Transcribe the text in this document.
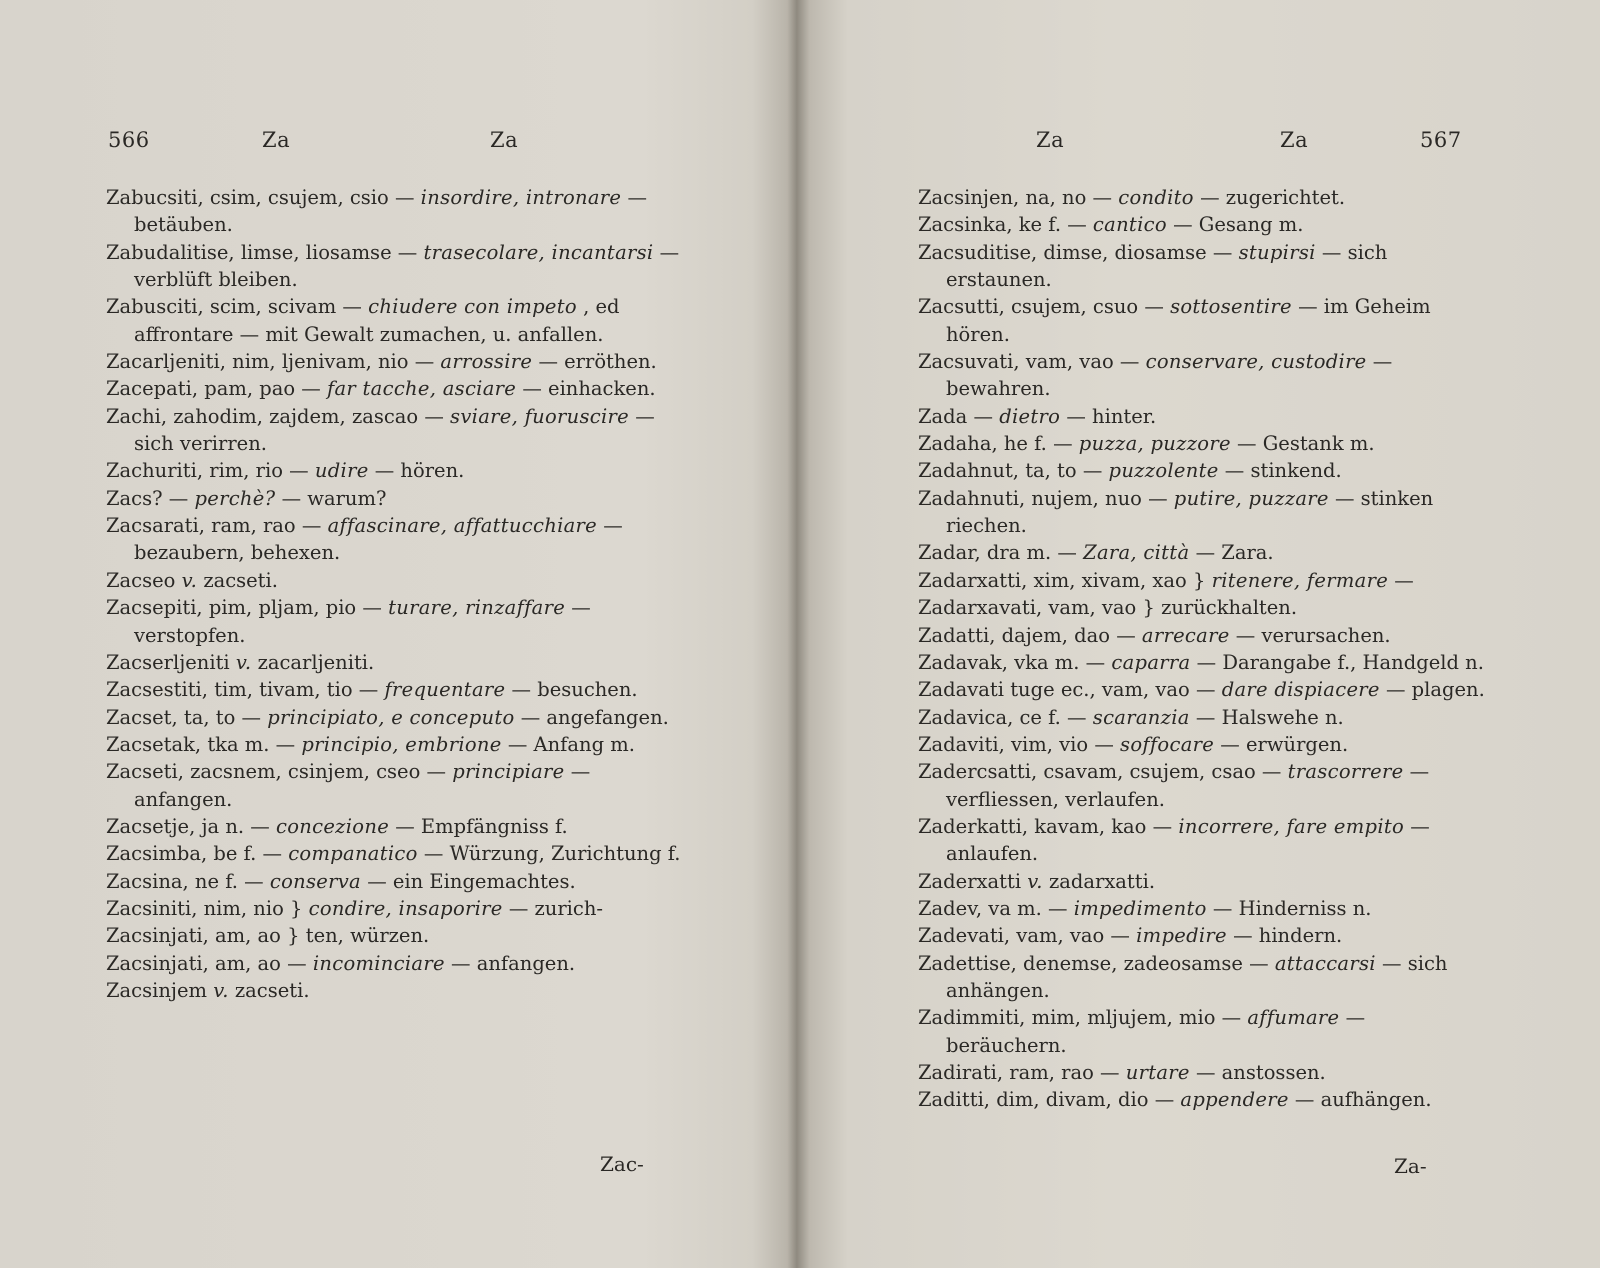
566	Za	Za

Zabucsiti, csim, csujem, csio — insordire, intronare — betäuben.

Zabudalitise, limse, liosamse — trasecolare, incantarsi — verblüft bleiben.

Zabusciti, scim, scivam — chiudere con impeto , ed affrontare — mit Gewalt zumachen, u. anfallen.

Zacarljeniti, nim, ljenivam, nio — arrossire — erröthen.

Zacepati, pam, pao — far tacche, asciare — einhacken.

Zachi, zahodim, zajdem, zascao — sviare, fuoruscire — sich verirren.

Zachuriti, rim, rio — udire — hören.

Zacs? — perchè? — warum?

Zacsarati, ram, rao — affascinare, affattucchiare — bezaubern, behexen.

Zacseo v. zacseti.

Zacsepiti, pim, pljam, pio — turare, rinzaffare — verstopfen.

Zacserljeniti v. zacarljeniti.

Zacsestiti, tim, tivam, tio — frequentare — besuchen.

Zacset, ta, to — principiato, e conceputo — angefangen.

Zacsetak, tka m. — principio, embrione — Anfang m.

Zacseti, zacsnem, csinjem, cseo — principiare — anfangen.

Zacsetje, ja n. — concezione — Empfängniss f.

Zacsimba, be f. — companatico — Würzung, Zurichtung f.

Zacsina, ne f. — conserva — ein Eingemachtes.

Zacsiniti, nim, nio } condire, insaporire — zurich-

Zacsinjati, am, ao } ten, würzen.

Zacsinjati, am, ao — incominciare — anfangen.

Zacsinjem v. zacseti.

Zac-
Za	Za	567

Zacsinjen, na, no — condito — zugerichtet.

Zacsinka, ke f. — cantico — Gesang m.

Zacsuditise, dimse, diosamse — stupirsi — sich erstaunen.

Zacsutti, csujem, csuo — sottosentire — im Geheim hören.

Zacsuvati, vam, vao — conservare, custodire — bewahren.

Zada — dietro — hinter.

Zadaha, he f. — puzza, puzzore — Gestank m.

Zadahnut, ta, to — puzzolente — stinkend.

Zadahnuti, nujem, nuo — putire, puzzare — stinken riechen.

Zadar, dra m. — Zara, città — Zara.

Zadarxatti, xim, xivam, xao } ritenere, fermare —

Zadarxavati, vam, vao } zurückhalten.

Zadatti, dajem, dao — arrecare — verursachen.

Zadavak, vka m. — caparra — Darangabe f., Handgeld n.

Zadavati tuge ec., vam, vao — dare dispiacere — plagen.

Zadavica, ce f. — scaranzia — Halswehe n.

Zadaviti, vim, vio — soffocare — erwürgen.

Zadercsatti, csavam, csujem, csao — trascorrere — verfliessen, verlaufen.

Zaderkatti, kavam, kao — incorrere, fare empito — anlaufen.

Zaderxatti v. zadarxatti.

Zadev, va m. — impedimento — Hinderniss n.

Zadevati, vam, vao — impedire — hindern.

Zadettise, denemse, zadeosamse — attaccarsi — sich anhängen.

Zadimmiti, mim, mljujem, mio — affumare — beräuchern.

Zadirati, ram, rao — urtare — anstossen.

Zaditti, dim, divam, dio — appendere — aufhängen.

Za-
